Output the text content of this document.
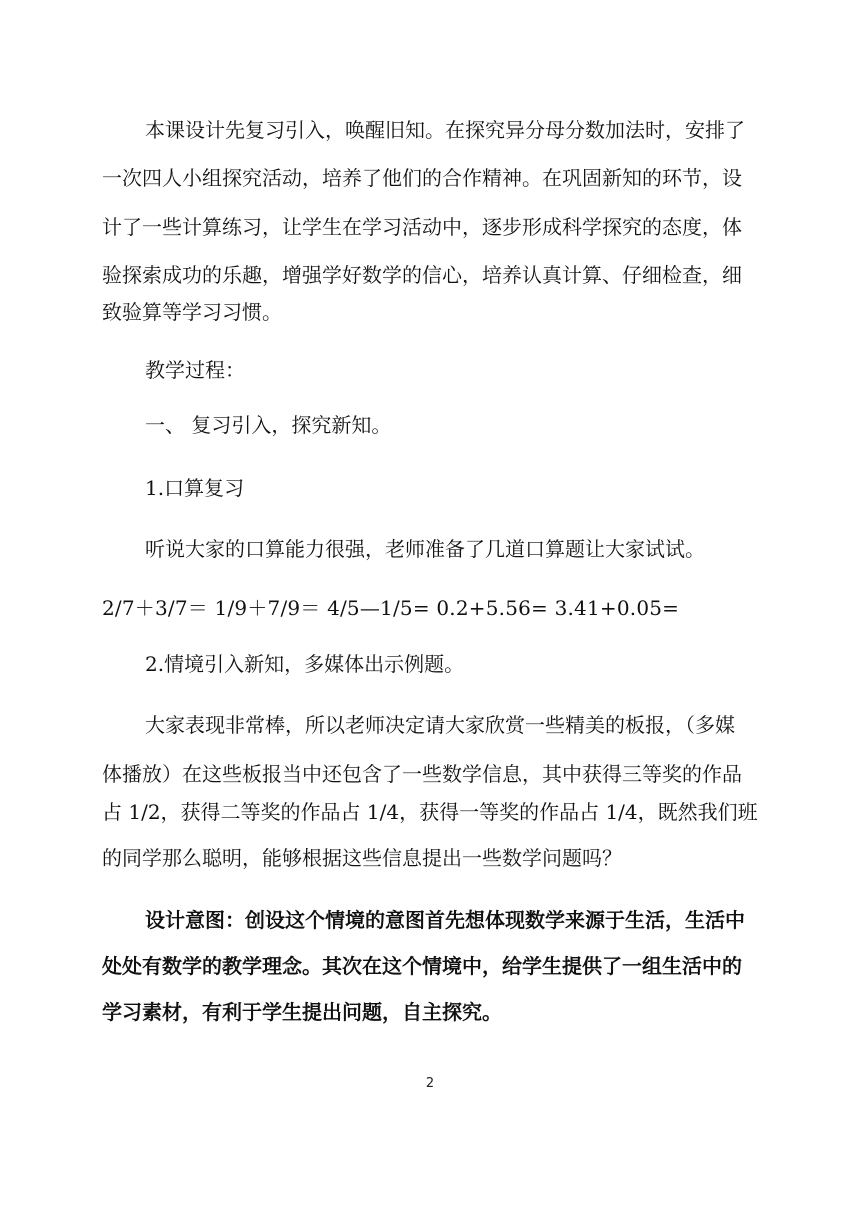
本课设计先复习引入，唤醒旧知。在探究异分母分数加法时，安排了
一次四人小组探究活动，培养了他们的合作精神。在巩固新知的环节，设
计了一些计算练习，让学生在学习活动中，逐步形成科学探究的态度，体
验探索成功的乐趣，增强学好数学的信心，培养认真计算、仔细检查，细
致验算等学习习惯。
教学过程：
一、 复习引入，探究新知。
1.口算复习
听说大家的口算能力很强，老师准备了几道口算题让大家试试。
2/7＋3/7＝ 1/9＋7/9＝ 4/5—1/5= 0.2+5.56= 3.41+0.05=
2.情境引入新知，多媒体出示例题。
大家表现非常棒，所以老师决定请大家欣赏一些精美的板报，（多媒
体播放）在这些板报当中还包含了一些数学信息，其中获得三等奖的作品
占 1/2，获得二等奖的作品占 1/4，获得一等奖的作品占 1/4，既然我们班
的同学那么聪明，能够根据这些信息提出一些数学问题吗？
设计意图：创设这个情境的意图首先想体现数学来源于生活，生活中
处处有数学的教学理念。其次在这个情境中，给学生提供了一组生活中的
学习素材，有利于学生提出问题，自主探究。
2
